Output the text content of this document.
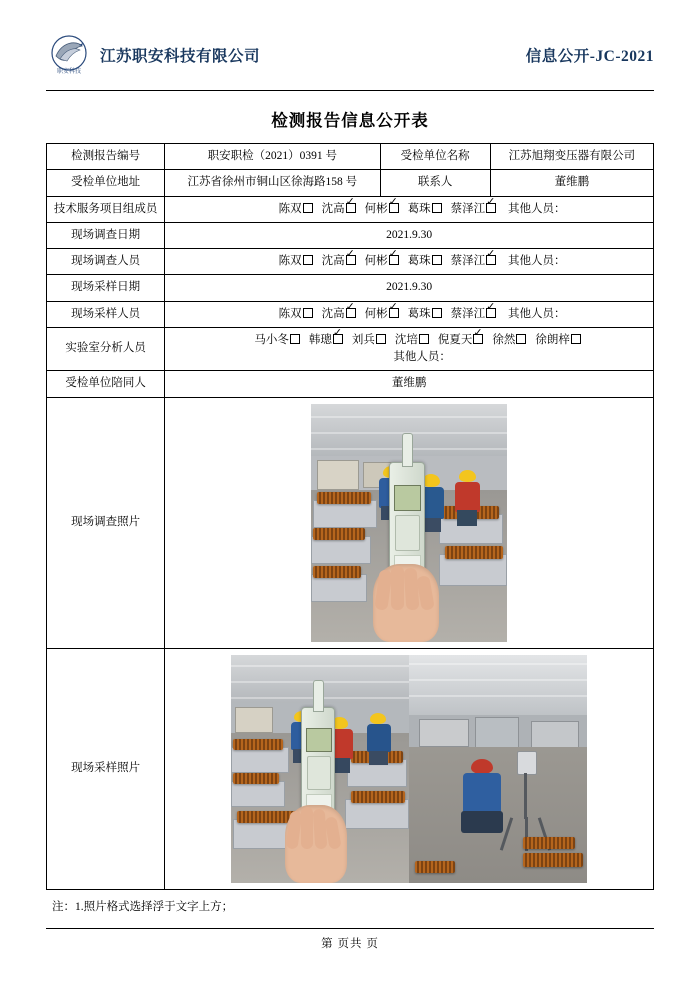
职安科技
江苏职安科技有限公司	信息公开-JC-2021
检测报告信息公开表
检测报告编号	职安职检（2021）0391 号	受检单位名称	江苏旭翔变压器有限公司
受检单位地址	江苏省徐州市铜山区徐海路158 号	联系人	董维鹏
技术服务项目组成员	陈双 沈高 ✓ 何彬 ✓ 葛珠 蔡泽江 ✓ 其他人员：
现场调查日期	2021.9.30		
现场调查人员	陈双 沈高 ✓ 何彬 ✓ 葛珠 蔡泽江 ✓ 其他人员：
现场采样日期	2021.9.30		
现场采样人员	陈双 沈高 ✓ 何彬 ✓ 葛珠 蔡泽江 ✓ 其他人员：
实验室分析人员	马小冬 韩璁 ✓ 刘兵 沈培 倪夏天 ✓ 徐然 徐朗梓
其他人员：

受检单位陪同人	董维鹏		
现场调查照片			

现场采样照片			
注：1.照片格式选择浮于文字上方；
第 页共 页
